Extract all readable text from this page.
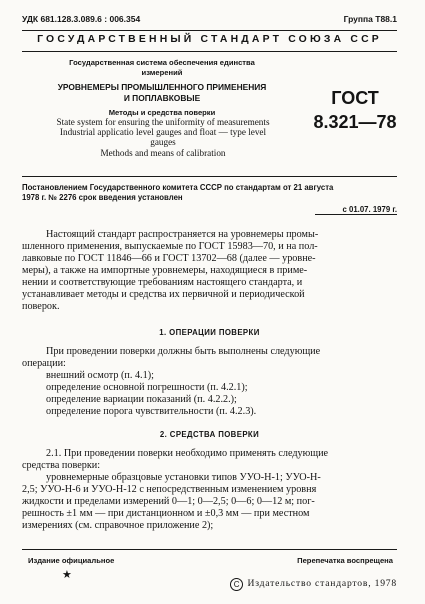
УДК 681.128.3.089.6 : 006.354	Группа Т88.1
ГОСУДАРСТВЕННЫЙ СТАНДАРТ СОЮЗА ССР
Государственная система обеспечения единства
измерений
УРОВНЕМЕРЫ ПРОМЫШЛЕННОГО ПРИМЕНЕНИЯ
И ПОПЛАВКОВЫЕ
Методы и средства поверки
State system for ensuring the uniformity of measurements
Industrial applicatio level gauges and float — type level
gauges
Methods and means of calibration
ГОСТ
8.321—78
Постановлением Государственного комитета СССР по стандартам от 21 августа
1978 г. № 2276 срок введения установлен
с 01.07. 1979 г.
Настоящий стандарт распространяется на уровнемеры промы-
шленного применения, выпускаемые по ГОСТ 15983—70, и на пол-
лавковые по ГОСТ 11846—66 и ГОСТ 13702—68 (далее — уровне-
меры), а также на импортные уровнемеры, находящиеся в приме-
нении и соответствующие требованиям настоящего стандарта, и
устанавливает методы и средства их первичной и периодической
поверок.
1. ОПЕРАЦИИ ПОВЕРКИ
При проведении поверки должны быть выполнены следующие
операции:
внешний осмотр (п. 4.1);
определение основной погрешности (п. 4.2.1);
определение вариации показаний (п. 4.2.2.);
определение порога чувствительности (п. 4.2.3).
2. СРЕДСТВА ПОВЕРКИ
2.1. При проведении поверки необходимо применять следующие
средства поверки:
уровнемерные образцовые установки типов УУО-Н-1; УУО-Н-
2,5; УУО-Н-6 и УУО-Н-12 с непосредственным изменением уровня
жидкости и пределами измерений 0—1; 0—2,5; 0—6; 0—12 м; пог-
решность ±1 мм — при дистанционном и ±0,3 мм — при местном
измерениях (см. справочное приложение 2);
Издание официальное	Перепечатка воспрещена
★
C Издательство стандартов, 1978
